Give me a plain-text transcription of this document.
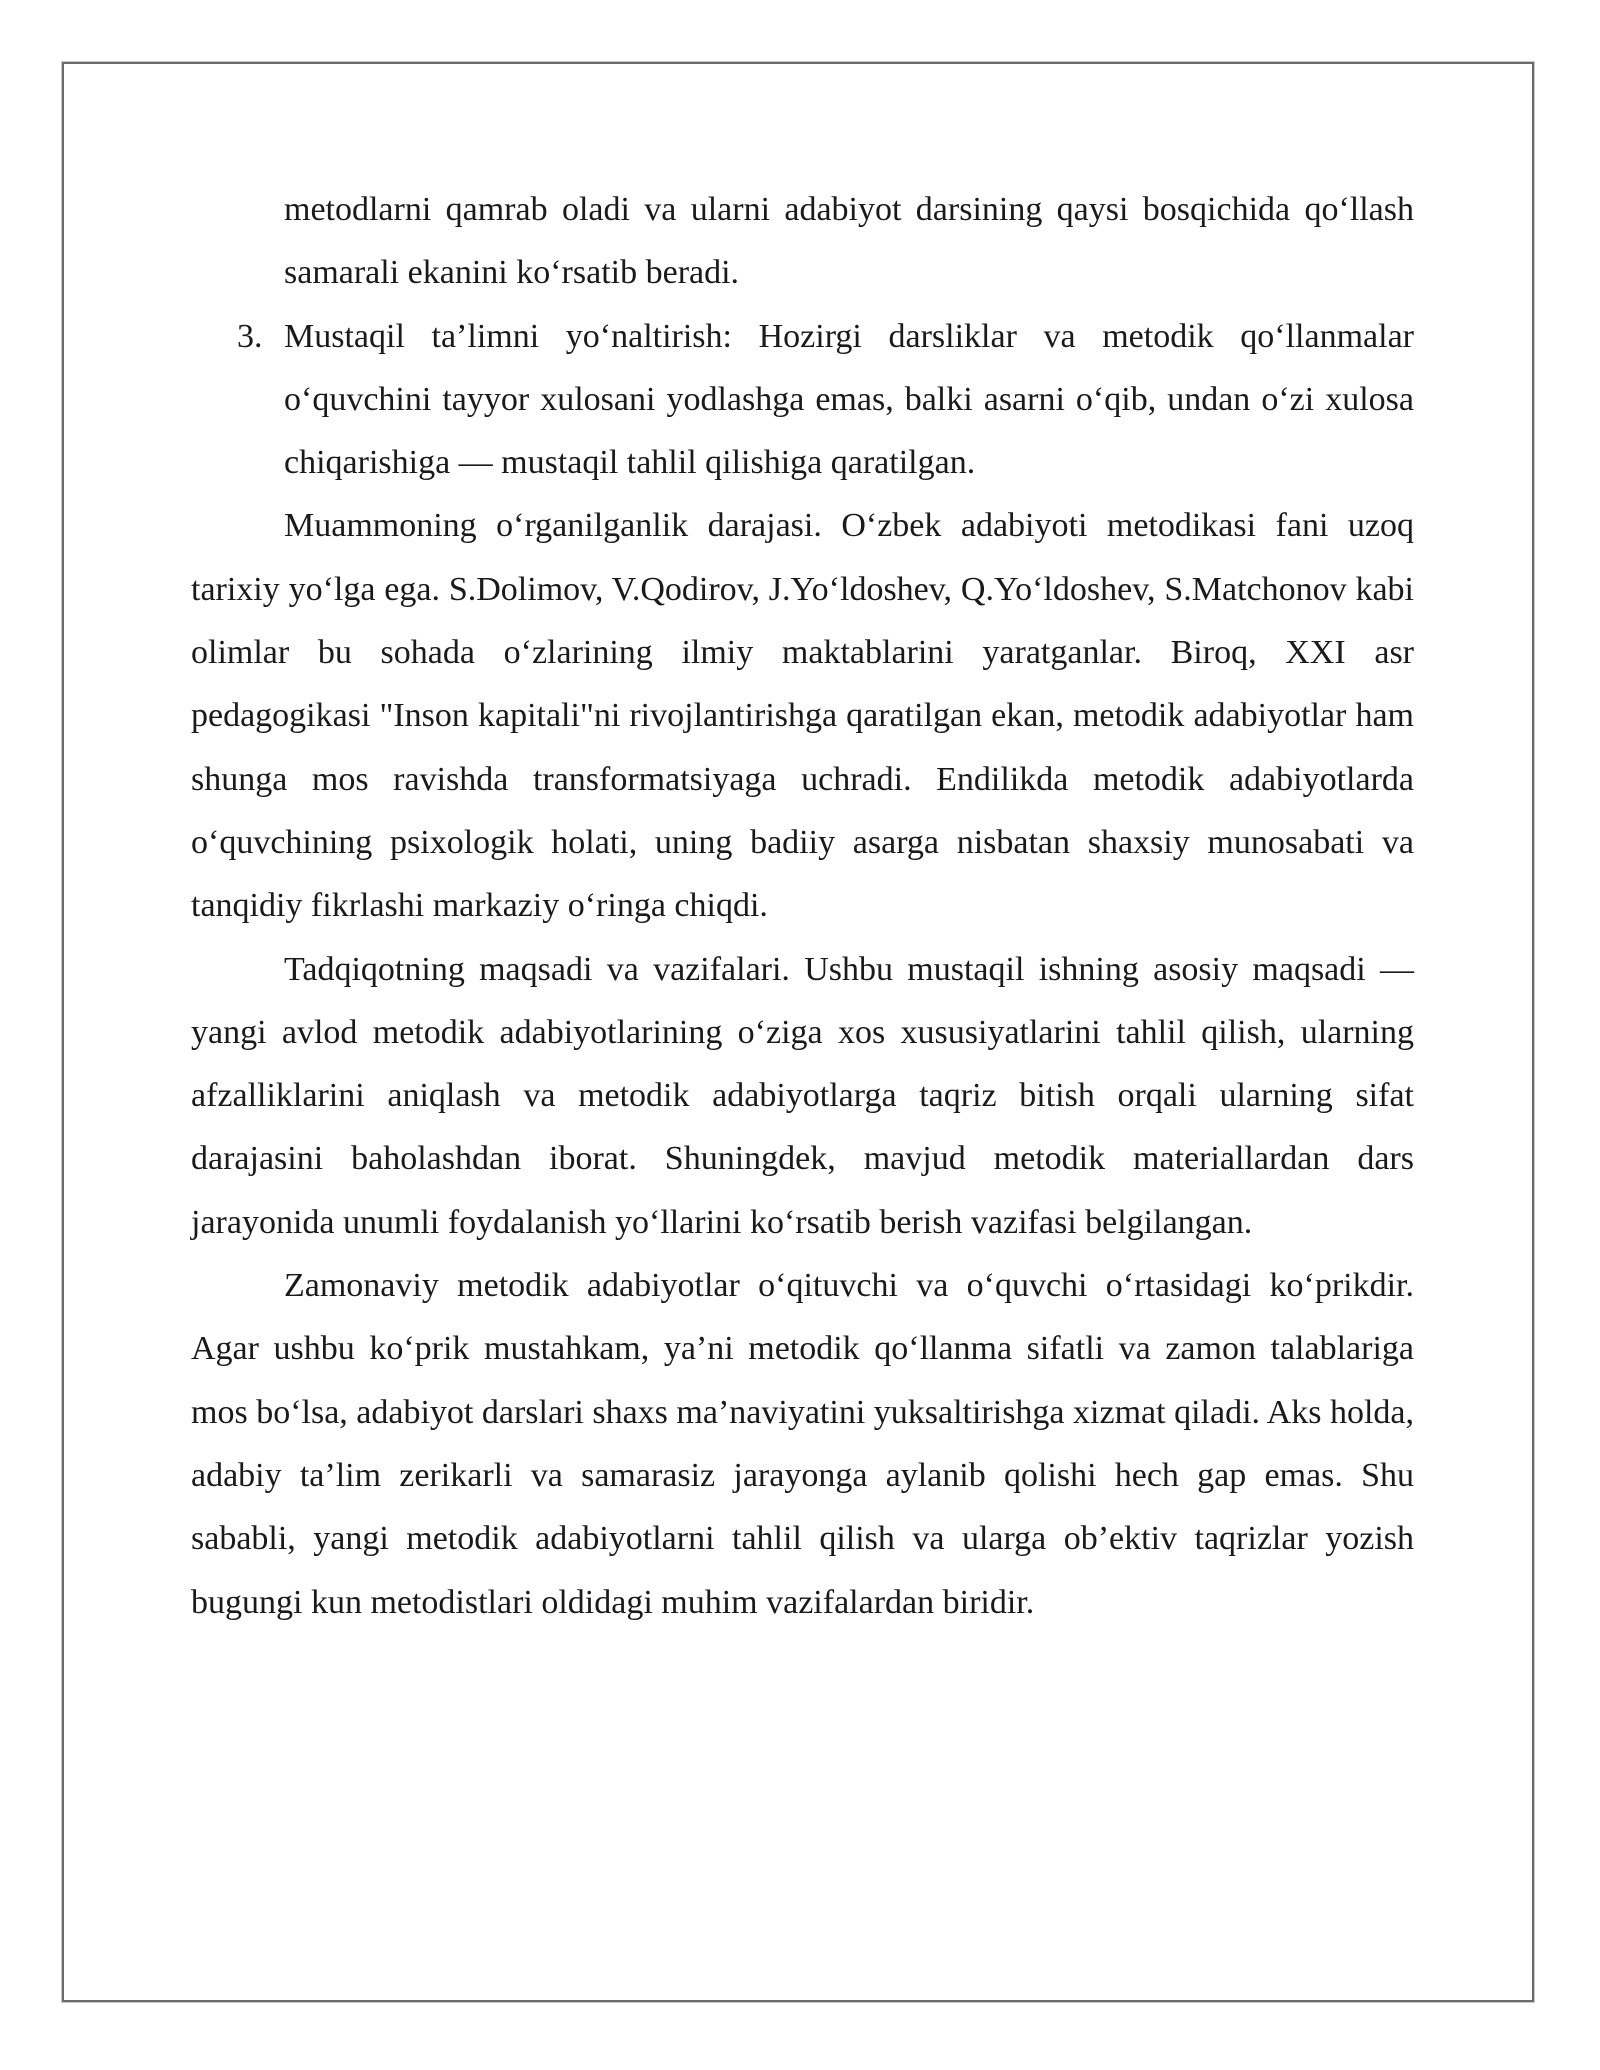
metodlarni qamrab oladi va ularni adabiyot darsining qaysi bosqichida qo‘llash samarali ekanini ko‘rsatib beradi.

3. Mustaqil ta’limni yo‘naltirish: Hozirgi darsliklar va metodik qo‘llanmalar o‘quvchini tayyor xulosani yodlashga emas, balki asarni o‘qib, undan o‘zi xulosa chiqarishiga — mustaqil tahlil qilishiga qaratilgan.

Muammoning o‘rganilganlik darajasi. O‘zbek adabiyoti metodikasi fani uzoq tarixiy yo‘lga ega. S.Dolimov, V.Qodirov, J.Yo‘ldoshev, Q.Yo‘ldoshev, S.Matchonov kabi olimlar bu sohada o‘zlarining ilmiy maktablarini yaratganlar. Biroq, XXI asr pedagogikasi "Inson kapitali"ni rivojlantirishga qaratilgan ekan, metodik adabiyotlar ham shunga mos ravishda transformatsiyaga uchradi. Endilikda metodik adabiyotlarda o‘quvchining psixologik holati, uning badiiy asarga nisbatan shaxsiy munosabati va tanqidiy fikrlashi markaziy o‘ringa chiqdi.

Tadqiqotning maqsadi va vazifalari. Ushbu mustaqil ishning asosiy maqsadi — yangi avlod metodik adabiyotlarining o‘ziga xos xususiyatlarini tahlil qilish, ularning afzalliklarini aniqlash va metodik adabiyotlarga taqriz bitish orqali ularning sifat darajasini baholashdan iborat. Shuningdek, mavjud metodik materiallardan dars jarayonida unumli foydalanish yo‘llarini ko‘rsatib berish vazifasi belgilangan.

Zamonaviy metodik adabiyotlar o‘qituvchi va o‘quvchi o‘rtasidagi ko‘prikdir. Agar ushbu ko‘prik mustahkam, ya’ni metodik qo‘llanma sifatli va zamon talablariga mos bo‘lsa, adabiyot darslari shaxs ma’naviyatini yuksaltirishga xizmat qiladi. Aks holda, adabiy ta’lim zerikarli va samarasiz jarayonga aylanib qolishi hech gap emas. Shu sababli, yangi metodik adabiyotlarni tahlil qilish va ularga ob’ektiv taqrizlar yozish bugungi kun metodistlari oldidagi muhim vazifalardan biridir.
